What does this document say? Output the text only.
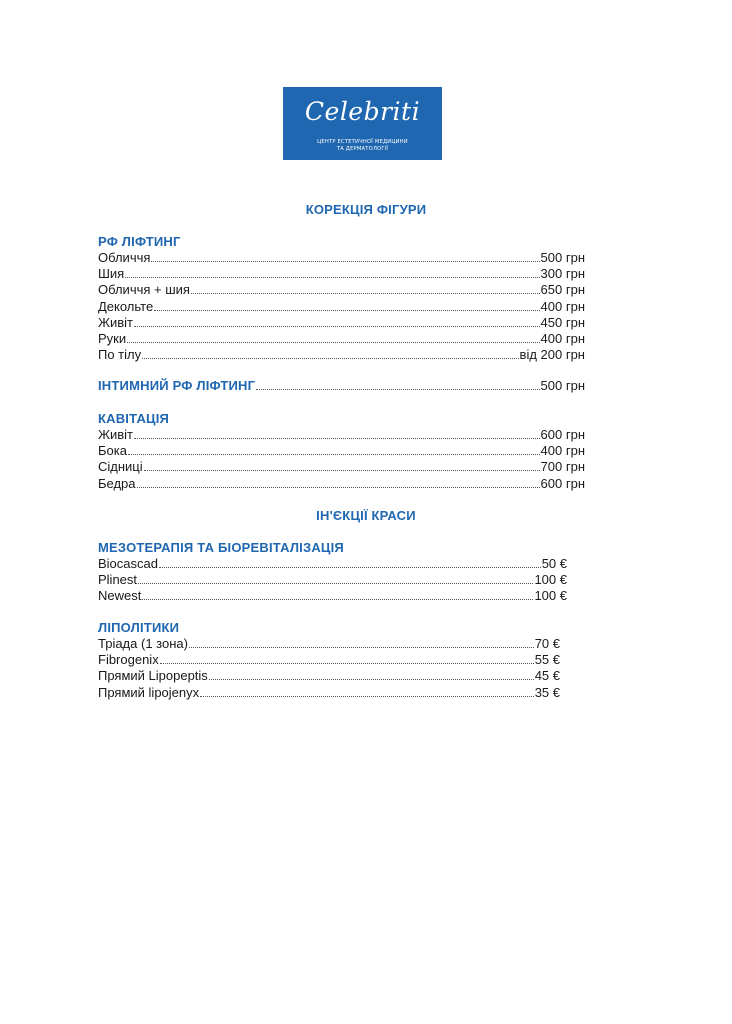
Celebriti
ЦЕНТР ЕСТЕТИЧНОЇ МЕДИЦИНИ
ТА ДЕРМАТОЛОГІЇ
КОРЕКЦІЯ ФІГУРИ
РФ ЛІФТИНГ
Обличчя	500 грн
Шия	300 грн
Обличчя + шия	650 грн
Декольте	400 грн
Живіт	450 грн
Руки	400 грн
По тілу	від 200 грн
ІНТИМНИЙ РФ ЛІФТИНГ	500 грн
КАВІТАЦІЯ
Живіт	600 грн
Бока	400 грн
Сідниці	700 грн
Бедра	600 грн
ІН'ЄКЦІЇ КРАСИ
МЕЗОТЕРАПІЯ ТА БІОРЕВІТАЛІЗАЦІЯ
Biocascad	50 €
Plinest	100 €
Newest	100 €
ЛІПОЛІТИКИ
Тріада (1 зона)	70 €
Fibrogenix	55 €
Прямий Lipopeptis	45 €
Прямий lipojenyx	35 €
